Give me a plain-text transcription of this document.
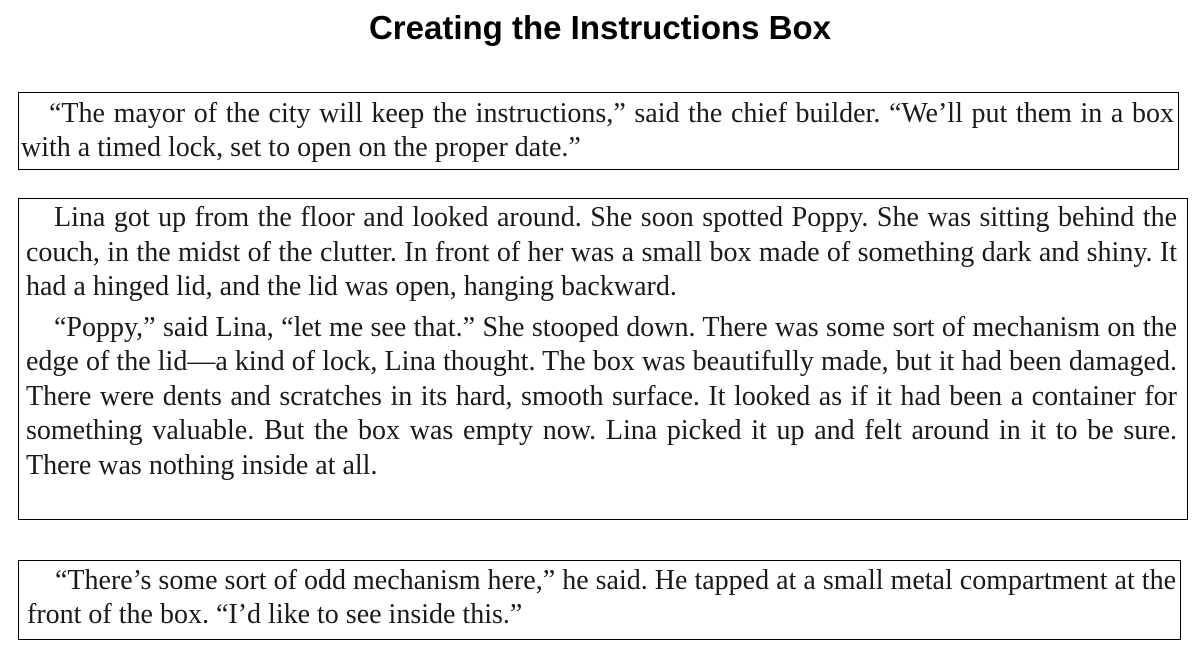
Creating the Instructions Box

“The mayor of the city will keep the instructions,” said the chief builder. “We’ll put them in a box with a timed lock, set to open on the proper date.”

Lina got up from the floor and looked around. She soon spotted Poppy. She was sitting behind the couch, in the midst of the clutter. In front of her was a small box made of something dark and shiny. It had a hinged lid, and the lid was open, hanging backward.

“Poppy,” said Lina, “let me see that.” She stooped down. There was some sort of mechanism on the edge of the lid—a kind of lock, Lina thought. The box was beautifully made, but it had been damaged. There were dents and scratches in its hard, smooth surface. It looked as if it had been a container for something valuable. But the box was empty now. Lina picked it up and felt around in it to be sure. There was nothing inside at all.

“There’s some sort of odd mechanism here,” he said. He tapped at a small metal compartment at the front of the box. “I’d like to see inside this.”
